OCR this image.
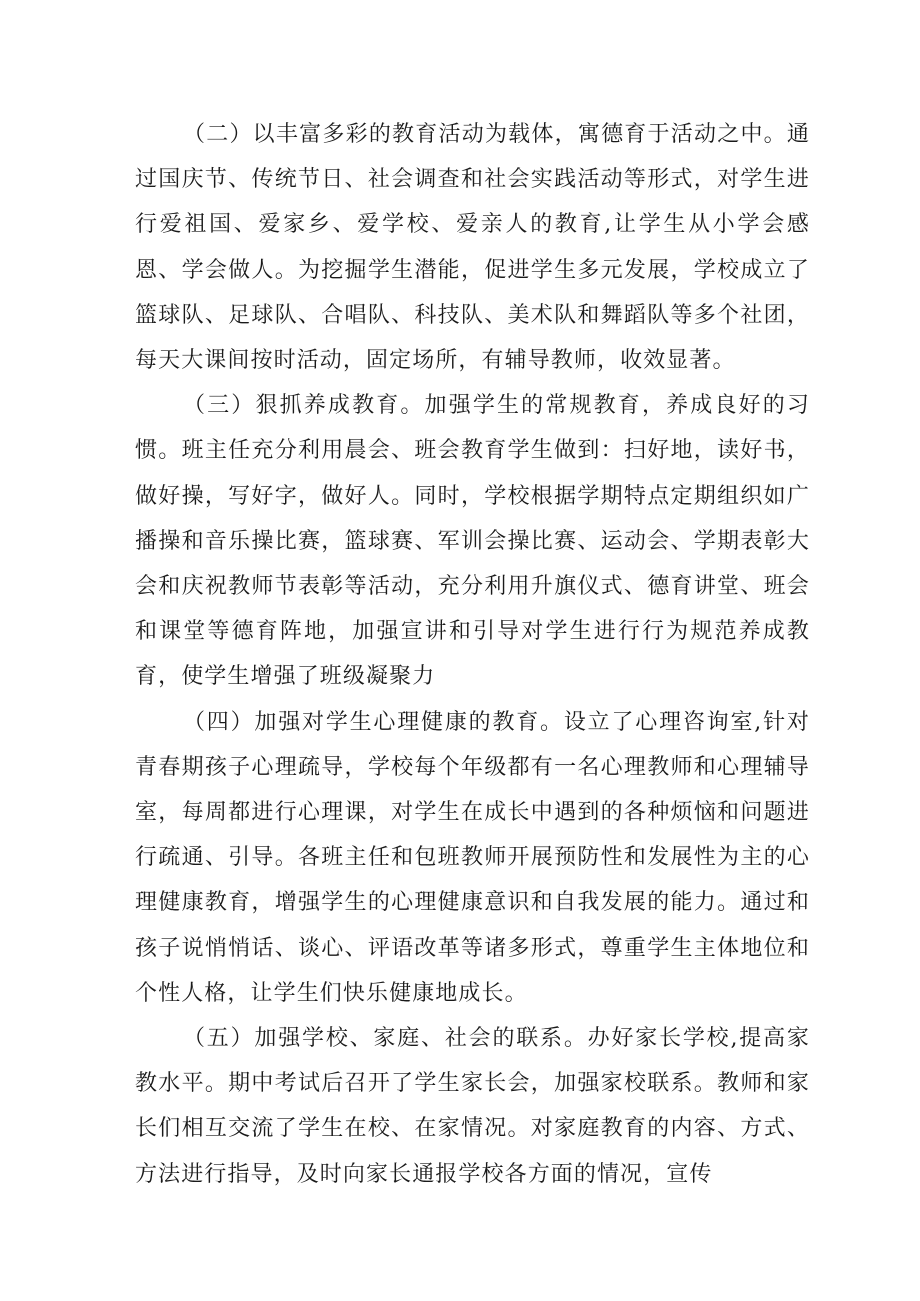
（二）以丰富多彩的教育活动为载体，寓德育于活动之中。通过国庆节、传统节日、社会调查和社会实践活动等形式，对学生进行爱祖国、爱家乡、爱学校、爱亲人的教育,让学生从小学会感恩、学会做人。为挖掘学生潜能，促进学生多元发展，学校成立了篮球队、足球队、合唱队、科技队、美术队和舞蹈队等多个社团，每天大课间按时活动，固定场所，有辅导教师，收效显著。

（三）狠抓养成教育。加强学生的常规教育，养成良好的习惯。班主任充分利用晨会、班会教育学生做到：扫好地，读好书，做好操，写好字，做好人。同时，学校根据学期特点定期组织如广播操和音乐操比赛，篮球赛、军训会操比赛、运动会、学期表彰大会和庆祝教师节表彰等活动，充分利用升旗仪式、德育讲堂、班会和课堂等德育阵地，加强宣讲和引导对学生进行行为规范养成教育，使学生增强了班级凝聚力

（四）加强对学生心理健康的教育。设立了心理咨询室,针对青春期孩子心理疏导，学校每个年级都有一名心理教师和心理辅导室，每周都进行心理课，对学生在成长中遇到的各种烦恼和问题进行疏通、引导。各班主任和包班教师开展预防性和发展性为主的心理健康教育，增强学生的心理健康意识和自我发展的能力。通过和孩子说悄悄话、谈心、评语改革等诸多形式，尊重学生主体地位和个性人格，让学生们快乐健康地成长。

（五）加强学校、家庭、社会的联系。办好家长学校,提高家教水平。期中考试后召开了学生家长会，加强家校联系。教师和家长们相互交流了学生在校、在家情况。对家庭教育的内容、方式、方法进行指导，及时向家长通报学校各方面的情况，宣传
